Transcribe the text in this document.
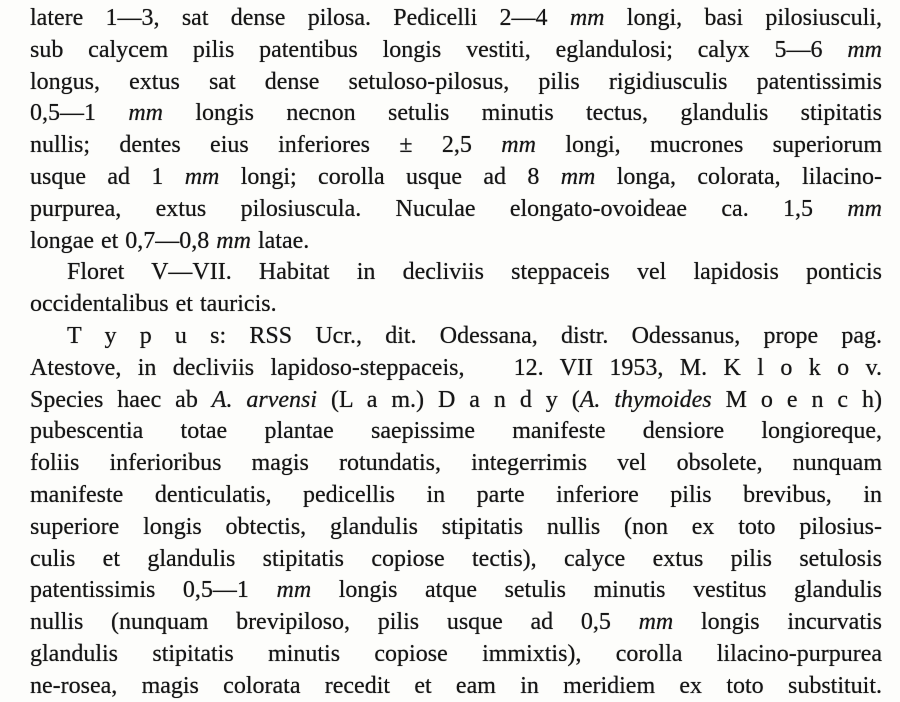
latere 1—3, sat dense pilosa. Pedicelli 2—4 mm longi, basi pilosiusculi,
sub calycem pilis patentibus longis vestiti, eglandulosi; calyx 5—6 mm
longus, extus sat dense setuloso-pilosus, pilis rigidiusculis patentissimis
0,5—1 mm longis necnon setulis minutis tectus, glandulis stipitatis
nullis; dentes eius inferiores ± 2,5 mm longi, mucrones superiorum
usque ad 1 mm longi; corolla usque ad 8 mm longa, colorata, lilacino-
purpurea, extus pilosiuscula. Nuculae elongato-ovoideae ca. 1,5 mm
longae et 0,7—0,8 mm latae.
Floret V—VII. Habitat in decliviis steppaceis vel lapidosis ponticis
occidentalibus et tauricis.
T y p u s: RSS Ucr., dit. Odessana, distr. Odessanus, prope pag.
Atestove, in decliviis lapidoso-steppaceis,   12. VII 1953, M. K l o k o v.
Species haec ab A. arvensi (L a m.) D a n d y (A. thymoides M o e n c h)
pubescentia totae plantae saepissime manifeste densiore longioreque,
foliis inferioribus magis rotundatis, integerrimis vel obsolete, nunquam
manifeste denticulatis, pedicellis in parte inferiore pilis brevibus, in
superiore longis obtectis, glandulis stipitatis nullis (non ex toto pilosius-
culis et glandulis stipitatis copiose tectis), calyce extus pilis setulosis
patentissimis 0,5—1 mm longis atque setulis minutis vestitus glandulis
nullis (nunquam brevipiloso, pilis usque ad 0,5 mm longis incurvatis
glandulis stipitatis minutis copiose immixtis), corolla lilacino-purpurea
ne-rosea, magis colorata recedit et eam in meridiem ex toto substituit.
